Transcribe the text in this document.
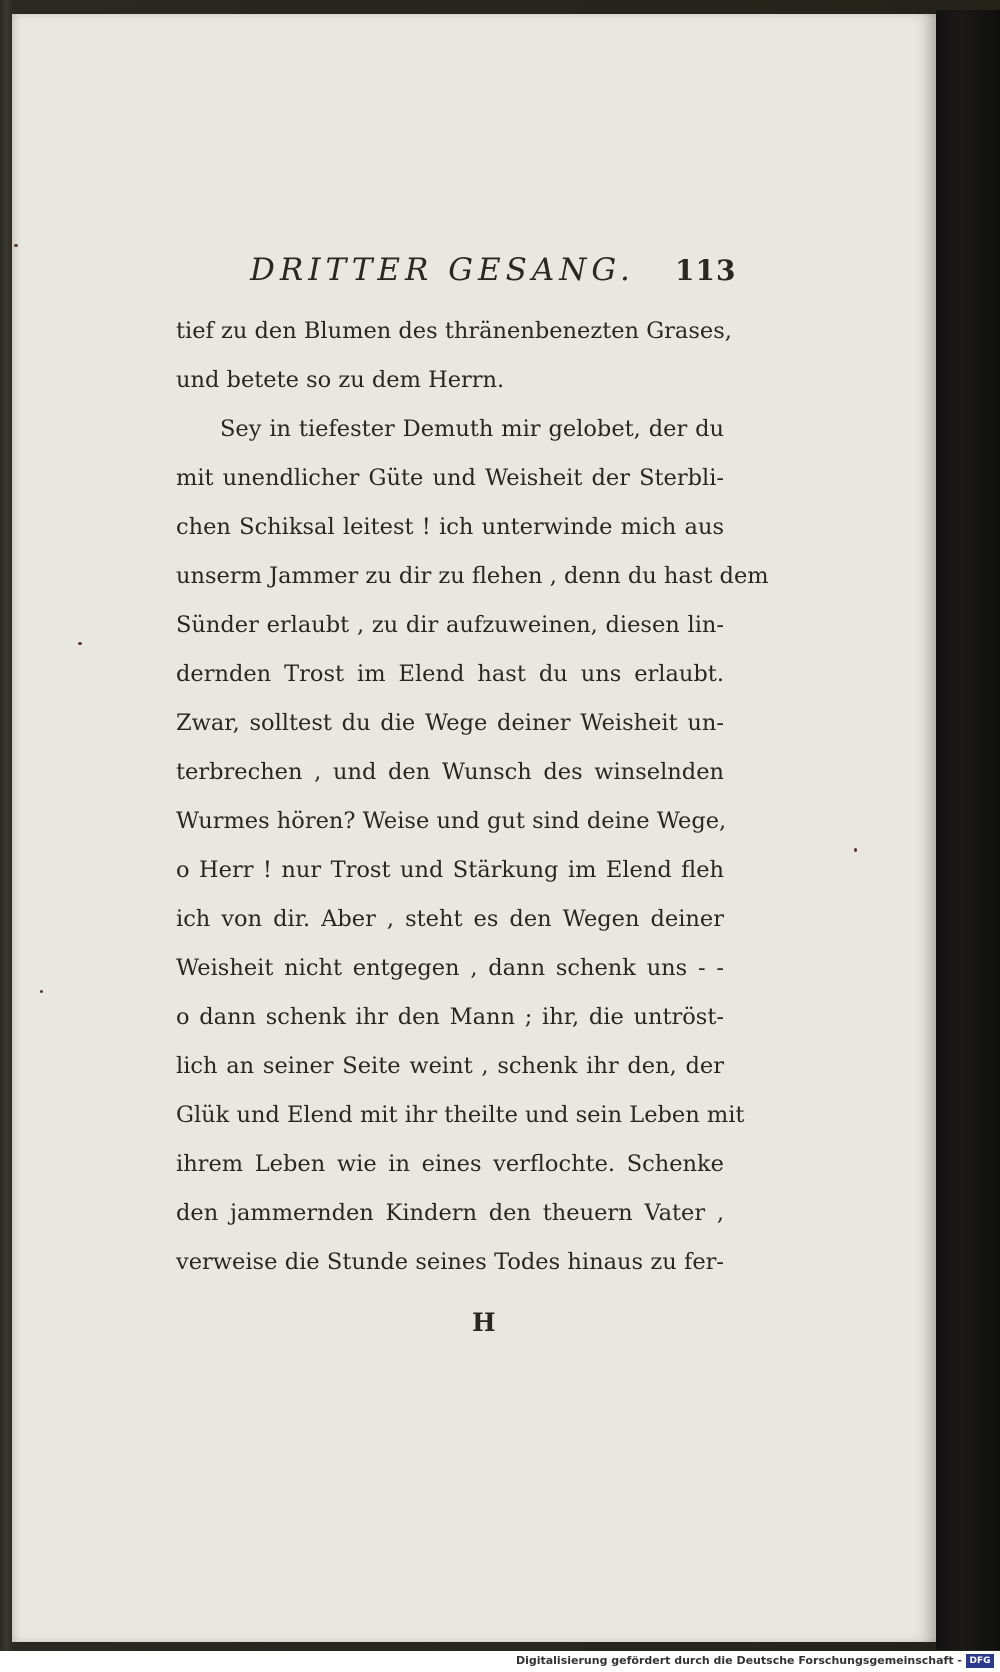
DRITTER GESANG. 113
tief zu den Blumen des thränenbenezten Grases,
und betete so zu dem Herrn.
Sey in tiefester Demuth mir gelobet, der du
mit unendlicher Güte und Weisheit der Sterbli-
chen Schiksal leitest ! ich unterwinde mich aus
unserm Jammer zu dir zu flehen , denn du hast dem
Sünder erlaubt , zu dir aufzuweinen, diesen lin-
dernden Trost im Elend hast du uns erlaubt.
Zwar, solltest du die Wege deiner Weisheit un-
terbrechen , und den Wunsch des winselnden
Wurmes hören? Weise und gut sind deine Wege,
o Herr ! nur Trost und Stärkung im Elend fleh
ich von dir. Aber , steht es den Wegen deiner
Weisheit nicht entgegen , dann schenk uns - -
o dann schenk ihr den Mann ; ihr, die untröst-
lich an seiner Seite weint , schenk ihr den, der
Glük und Elend mit ihr theilte und sein Leben mit
ihrem Leben wie in eines verflochte. Schenke
den jammernden Kindern den theuern Vater ,
verweise die Stunde seines Todes hinaus zu fer-
H
Digitalisierung gefördert durch die Deutsche Forschungsgemeinschaft - DFG
